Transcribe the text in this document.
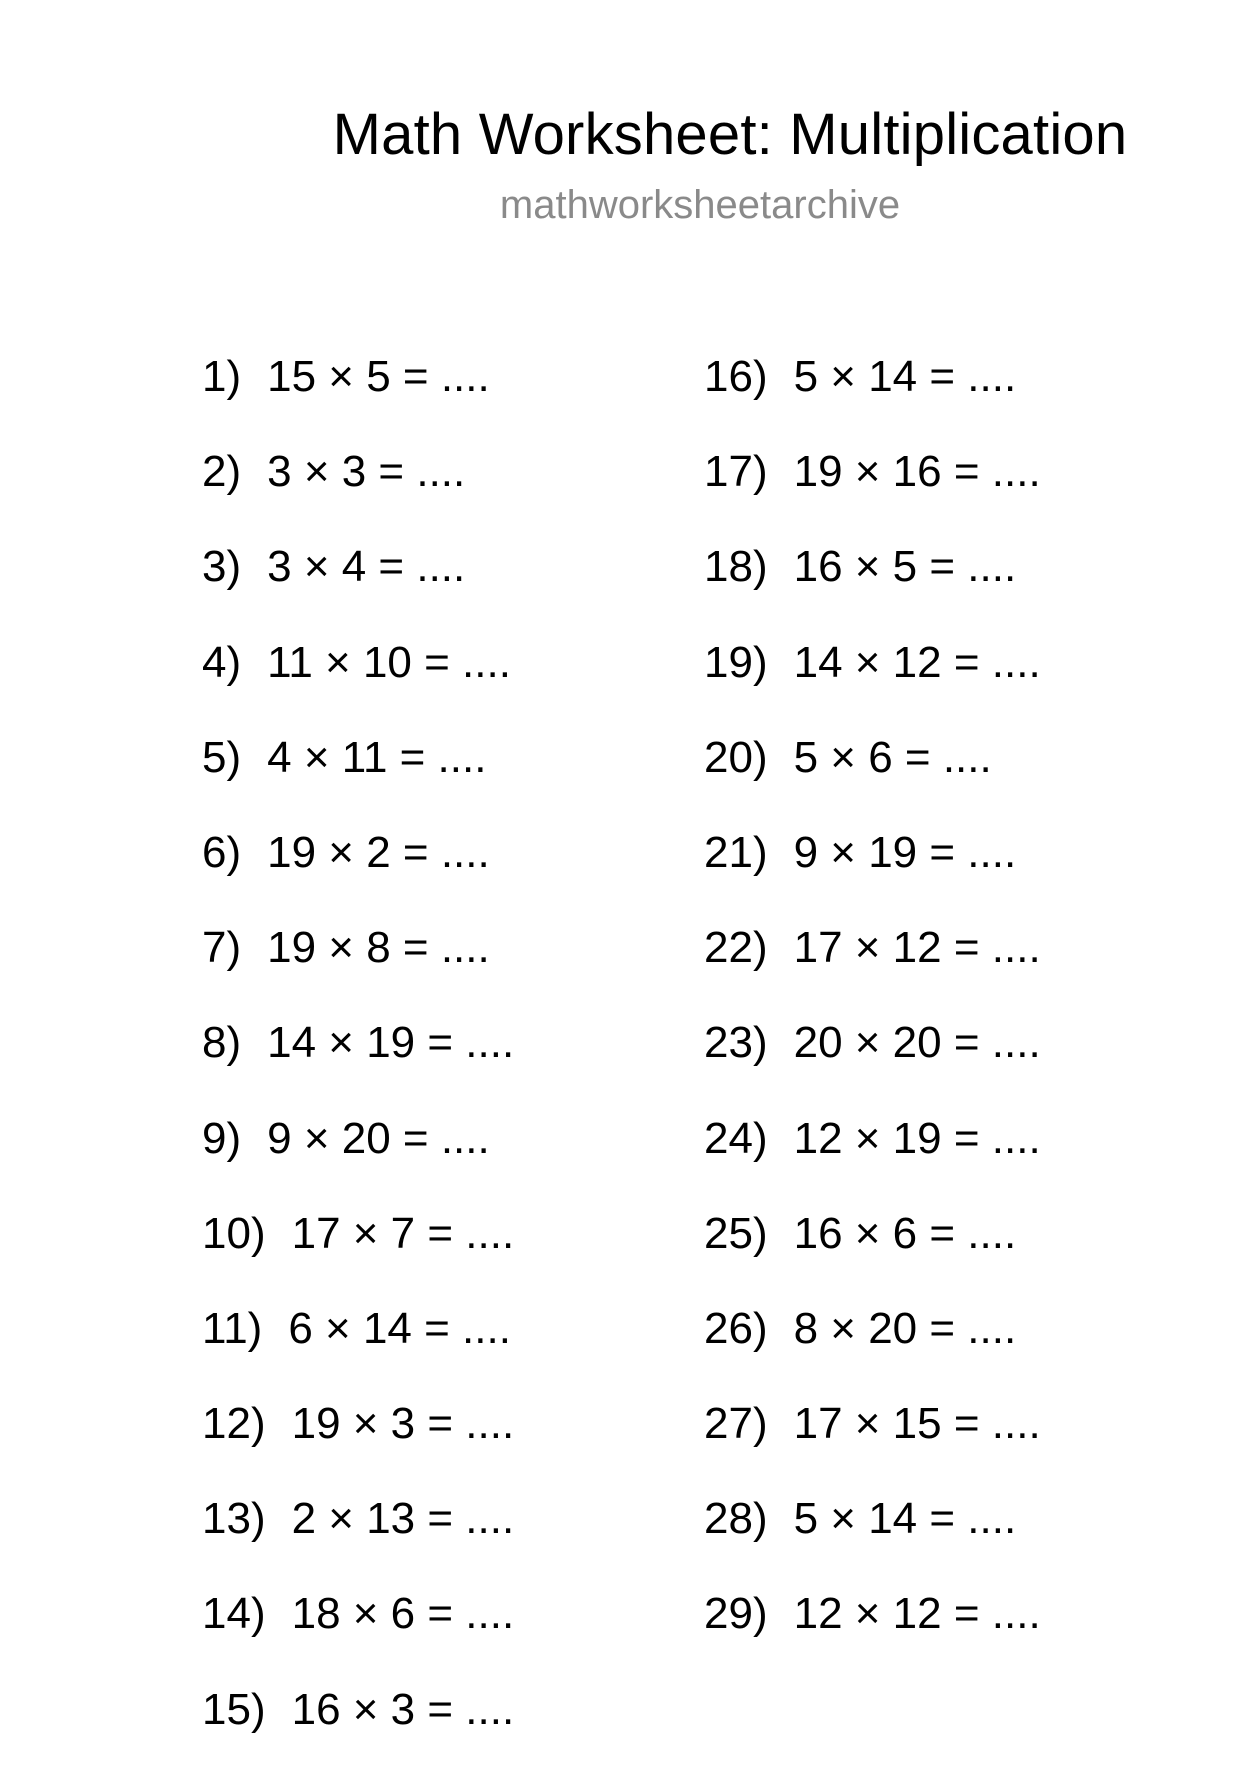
Math Worksheet: Multiplication
mathworksheetarchive
1) 15 × 5 = ....
2) 3 × 3 = ....
3) 3 × 4 = ....
4) 11 × 10 = ....
5) 4 × 11 = ....
6) 19 × 2 = ....
7) 19 × 8 = ....
8) 14 × 19 = ....
9) 9 × 20 = ....
10) 17 × 7 = ....
11) 6 × 14 = ....
12) 19 × 3 = ....
13) 2 × 13 = ....
14) 18 × 6 = ....
15) 16 × 3 = ....
16) 5 × 14 = ....
17) 19 × 16 = ....
18) 16 × 5 = ....
19) 14 × 12 = ....
20) 5 × 6 = ....
21) 9 × 19 = ....
22) 17 × 12 = ....
23) 20 × 20 = ....
24) 12 × 19 = ....
25) 16 × 6 = ....
26) 8 × 20 = ....
27) 17 × 15 = ....
28) 5 × 14 = ....
29) 12 × 12 = ....
